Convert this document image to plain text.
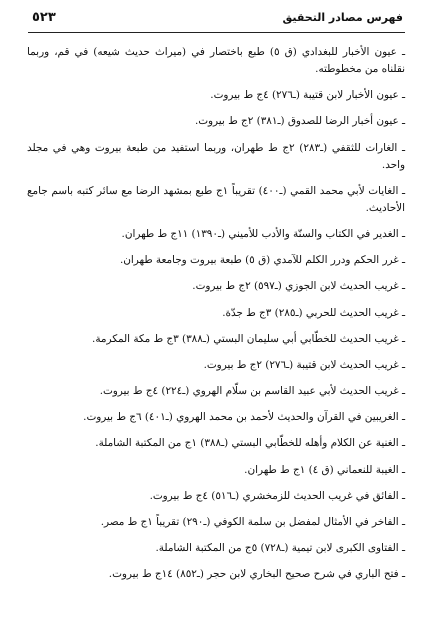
٥٢٣	فهرس مصادر التحقيق
ـ عيون الأخبار للبغدادي (ق ٥) طبع باختصار في (ميراث حديث شيعه) في قم، وربما نقلناه من مخطوطته.
ـ عيون الأخبار لابن قتيبة (ـ٢٧٦) ٤ج ط بيروت.
ـ عيون أخبار الرضا للصدوق (ـ٣٨١) ٢ج ط بيروت.
ـ الغارات للثقفي (ـ٢٨٣) ٢ج ط طهران، وربما استفيد من طبعة بيروت وهي في مجلد واحد.
ـ الغايات لأبي محمد القمي (ـ٤٠٠) تقريباً ١ج طبع بمشهد الرضا مع سائر كتبه باسم جامع الأحاديث.
ـ الغدير في الكتاب والسنّة والأدب للأميني (ـ١٣٩٠) ١١ج ط طهران.
ـ غرر الحكم ودرر الكلم للآمدي (ق ٥) طبعة بيروت وجامعة طهران.
ـ غريب الحديث لابن الجوزي (ـ٥٩٧) ٢ج ط بيروت.
ـ غريب الحديث للحربي (ـ٢٨٥) ٣ج ط جدّة.
ـ غريب الحديث للخطّابي أبي سليمان البستي (ـ٣٨٨) ٣ج ط مكة المكرمة.
ـ غريب الحديث لابن قتيبة (ـ٢٧٦) ٢ج ط بيروت.
ـ غريب الحديث لأبي عبيد القاسم بن سلّام الهروي (ـ٢٢٤) ٤ج ط بيروت.
ـ الغريبين في القرآن والحديث لأحمد بن محمد الهروي (ـ٤٠١) ٦ج ط بيروت.
ـ الغنية عن الكلام وأهله للخطّابي البستي (ـ٣٨٨) ١ج من المكتبة الشاملة.
ـ الغيبة للنعماني (ق ٤) ١ج ط طهران.
ـ الفائق في غريب الحديث للزمخشري (ـ٥١٦) ٤ج ط بيروت.
ـ الفاخر في الأمثال لمفضل بن سلمة الكوفي (ـ٢٩٠) تقريباً ١ج ط مصر.
ـ الفتاوى الكبرى لابن تيمية (ـ٧٢٨) ٥ج من المكتبة الشاملة.
ـ فتح الباري في شرح صحيح البخاري لابن حجر (ـ٨٥٢) ١٤ج ط بيروت.
